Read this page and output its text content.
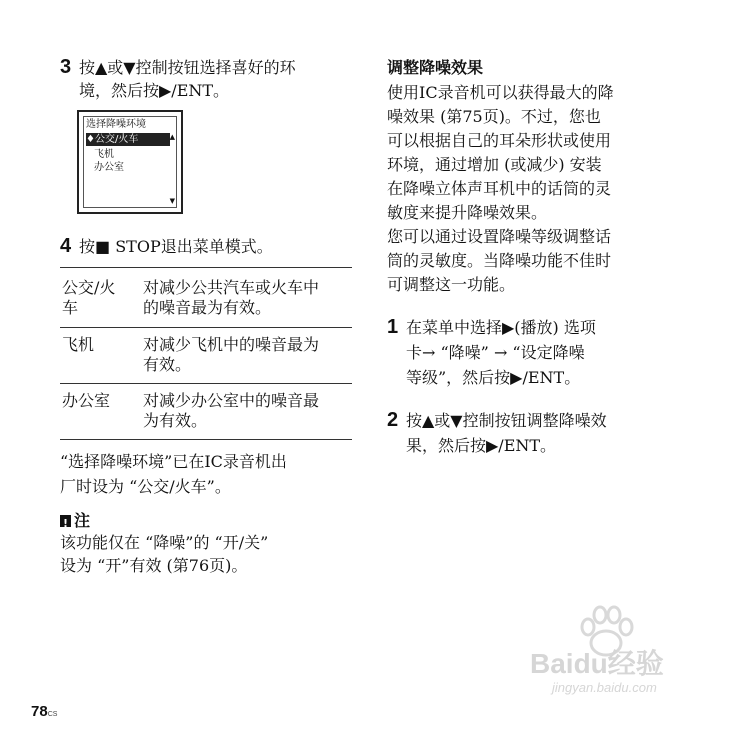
3 按▲或▼控制按钮选择喜好的环
境，然后按▶/ENT。
选择降噪环境
♦公交/火车
飞机
办公室
▲
▼
4 按■ STOP退出菜单模式。
公交/火
车
对减少公共汽车或火车中
的噪音最为有效。
飞机	对减少飞机中的噪音最为
有效。
办公室 对减少办公室中的噪音最
为有效。
“选择降噪环境”已在IC录音机出
厂时设为 “公交/火车”。
!注
该功能仅在 “降噪”的 “开/关”
设为 “开”有效 (第76页)。
调整降噪效果
使用IC录音机可以获得最大的降
噪效果 (第75页)。不过，您也
可以根据自己的耳朵形状或使用
环境，通过增加 (或减少) 安装
在降噪立体声耳机中的话筒的灵
敏度来提升降噪效果。
您可以通过设置降噪等级调整话
筒的灵敏度。当降噪功能不佳时
可调整这一功能。
1 在菜单中选择▶(播放) 选项
卡→ “降噪” → “设定降噪
等级”，然后按▶/ENT。
2 按▲或▼控制按钮调整降噪效
果，然后按▶/ENT。
78CS
Baidu经验
jingyan.baidu.com
